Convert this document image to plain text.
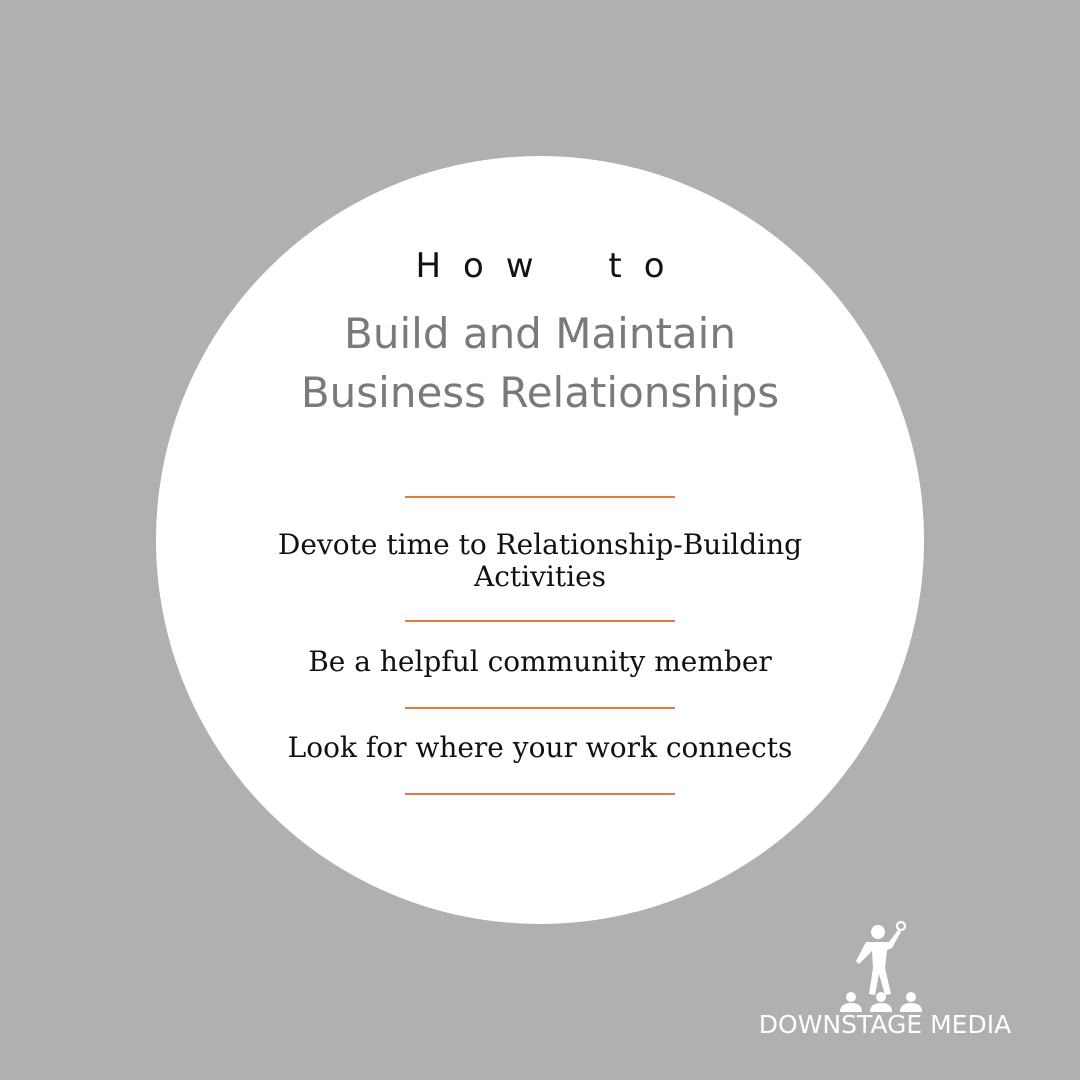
How to
Build and Maintain
Business Relationships
Devote time to Relationship-Building
Activities
Be a helpful community member
Look for where your work connects
DOWNSTAGE MEDIA
